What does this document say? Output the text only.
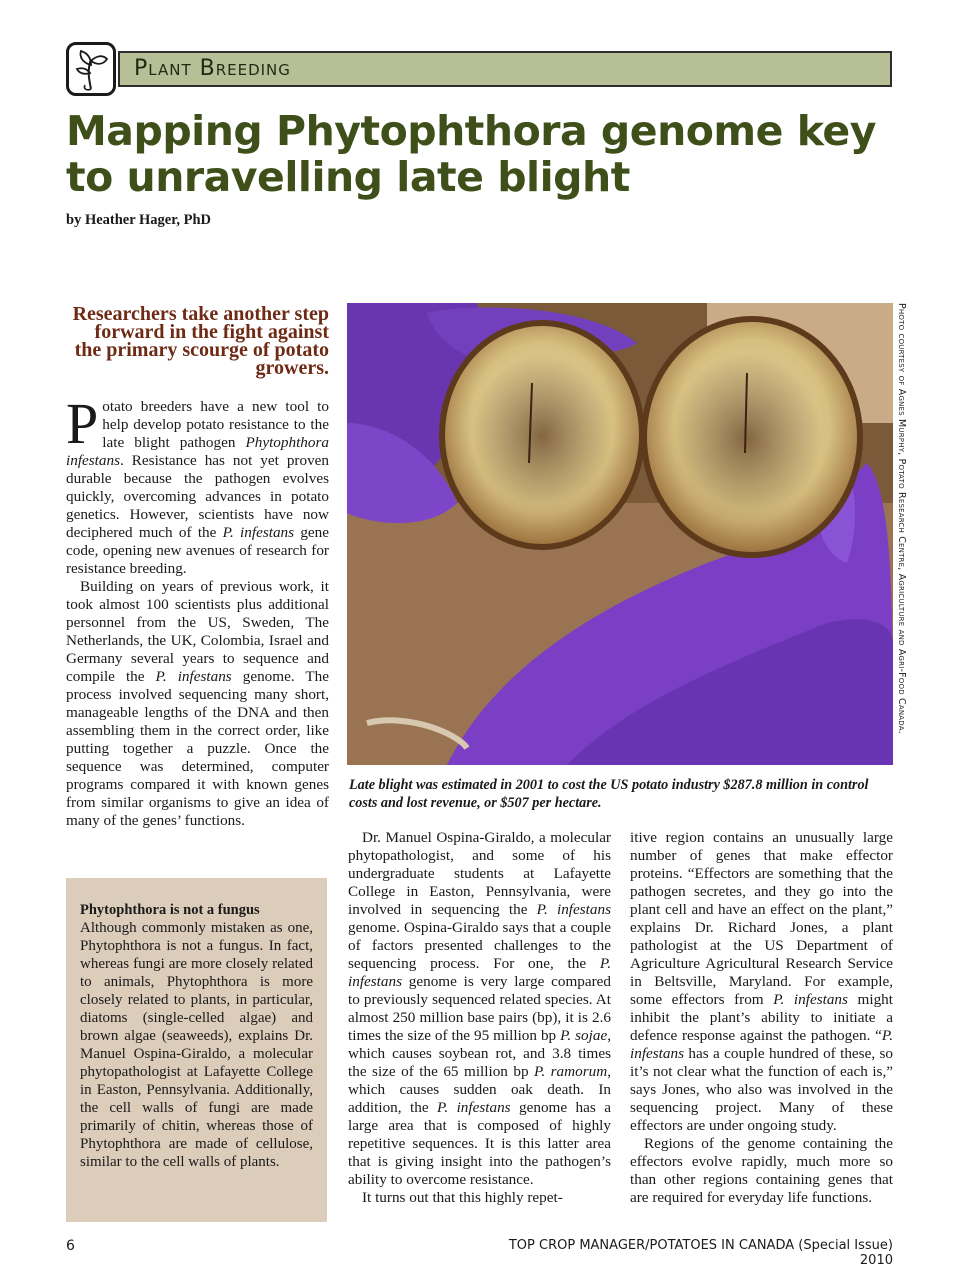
Plant Breeding
Mapping Phytophthora genome key to unravelling late blight
by Heather Hager, PhD
Researchers take another step forward in the fight against the primary scourge of potato growers.

Potato breeders have a new tool to help develop potato resistance to the late blight pathogen Phytophthora infestans. Resistance has not yet proven durable because the pathogen evolves quickly, overcoming advances in potato genetics. However, scientists have now deciphered much of the P. infestans gene code, opening new avenues of research for resistance breeding.

Building on years of previous work, it took almost 100 scientists plus additional personnel from the US, Sweden, The Netherlands, the UK, Colombia, Israel and Germany several years to sequence and compile the P. infestans genome. The process involved sequencing many short, manageable lengths of the DNA and then assembling them in the correct order, like putting together a puzzle. Once the sequence was determined, computer programs compared it with known genes from similar organisms to give an idea of many of the genes’ functions.

Phytophthora is not a fungus
Although commonly mistaken as one, Phytophthora is not a fungus. In fact, whereas fungi are more closely related to animals, Phytophthora is more closely related to plants, in particular, diatoms (single-celled algae) and brown algae (seaweeds), explains Dr. Manuel Ospina-Giraldo, a molecular phytopathologist at Lafayette College in Easton, Pennsylvania. Additionally, the cell walls of fungi are made primarily of chitin, whereas those of Phytophthora are made of cellulose, similar to the cell walls of plants.
Photo courtesy of Agnes Murphy, Potato Research Centre, Agriculture and Agri-Food Canada.

Late blight was estimated in 2001 to cost the US potato industry $287.8 million in control costs and lost revenue, or $507 per hectare.

Dr. Manuel Ospina-Giraldo, a molecular phytopathologist, and some of his undergraduate students at Lafayette College in Easton, Pennsylvania, were involved in sequencing the P. infestans genome. Ospina-Giraldo says that a couple of factors presented challenges to the sequencing process. For one, the P. infestans genome is very large compared to previously sequenced related species. At almost 250 million base pairs (bp), it is 2.6 times the size of the 95 million bp P. sojae, which causes soybean rot, and 3.8 times the size of the 65 million bp P. ramorum, which causes sudden oak death. In addition, the P. infestans genome has a large area that is composed of highly repetitive sequences. It is this latter area that is giving insight into the pathogen’s ability to overcome resistance.

It turns out that this highly repet-

itive region contains an unusually large number of genes that make effector proteins. “Effectors are something that the pathogen secretes, and they go into the plant cell and have an effect on the plant,” explains Dr. Richard Jones, a plant pathologist at the US Department of Agriculture Agricultural Research Service in Beltsville, Maryland. For example, some effectors from P. infestans might inhibit the plant’s ability to initiate a defence response against the pathogen. “P. infestans has a couple hundred of these, so it’s not clear what the function of each is,” says Jones, who also was involved in the sequencing project. Many of these effectors are under ongoing study.

Regions of the genome containing the effectors evolve rapidly, much more so than other regions containing genes that are required for everyday life functions.

6	TOP CROP MANAGER/POTATOES IN CANADA (Special Issue) 2010
